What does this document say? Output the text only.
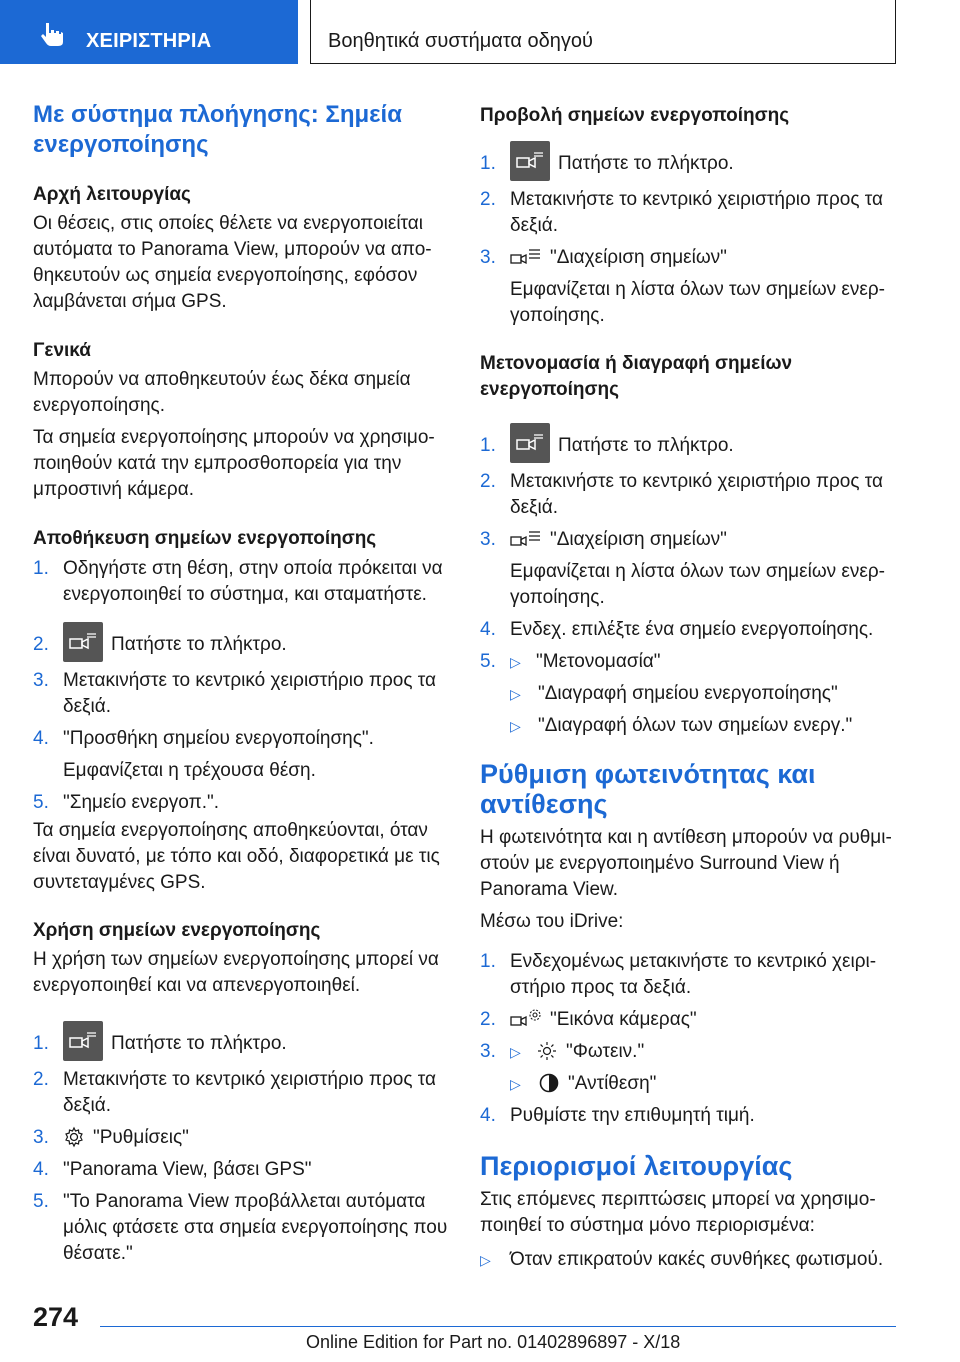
ΧΕΙΡΙΣΤΗΡΙΑ	Βοηθητικά συστήματα οδηγού
Με σύστημα πλοήγησης: Σημεία ενεργοποίησης
Αρχή λειτουργίας
Οι θέσεις, στις οποίες θέλετε να ενεργοποιείται αυτόματα το Panorama View, μπορούν να απο-θηκευτούν ως σημεία ενεργοποίησης, εφόσον λαμβάνεται σήμα GPS.
Γενικά
Μπορούν να αποθηκευτούν έως δέκα σημεία ενεργοποίησης.
Τα σημεία ενεργοποίησης μπορούν να χρησιμο-ποιηθούν κατά την εμπροσθοπορεία για την μπροστινή κάμερα.
Αποθήκευση σημείων ενεργοποίησης
1. Οδηγήστε στη θέση, στην οποία πρόκειται να ενεργοποιηθεί το σύστημα, και σταματήστε.
2.	Πατήστε το πλήκτρο.
3. Μετακινήστε το κεντρικό χειριστήριο προς τα δεξιά.
4. "Προσθήκη σημείου ενεργοποίησης".
Εμφανίζεται η τρέχουσα θέση.
5. "Σημείο ενεργοπ.".
Τα σημεία ενεργοποίησης αποθηκεύονται, όταν είναι δυνατό, με τόπο και οδό, διαφορετικά με τις συντεταγμένες GPS.
Χρήση σημείων ενεργοποίησης
Η χρήση των σημείων ενεργοποίησης μπορεί να ενεργοποιηθεί και να απενεργοποιηθεί.
1.	Πατήστε το πλήκτρο.
2. Μετακινήστε το κεντρικό χειριστήριο προς τα δεξιά.
3. "Ρυθμίσεις"
4. "Panorama View, βάσει GPS"
5. "Το Panorama View προβάλλεται αυτόματα μόλις φτάσετε στα σημεία ενεργοποίησης που θέσατε."
Προβολή σημείων ενεργοποίησης
1.	Πατήστε το πλήκτρο.
2. Μετακινήστε το κεντρικό χειριστήριο προς τα δεξιά.
3.	"Διαχείριση σημείων"
Εμφανίζεται η λίστα όλων των σημείων ενερ-γοποίησης.
Μετονομασία ή διαγραφή σημείων ενεργοποίησης
1.	Πατήστε το πλήκτρο.
2. Μετακινήστε το κεντρικό χειριστήριο προς τα δεξιά.
3.	"Διαχείριση σημείων"
Εμφανίζεται η λίστα όλων των σημείων ενερ-γοποίησης.
4. Ενδεχ. επιλέξτε ένα σημείο ενεργοποίησης.
5. ▷ "Μετονομασία"
▷ "Διαγραφή σημείου ενεργοποίησης"
▷ "Διαγραφή όλων των σημείων ενεργ."
Ρύθμιση φωτεινότητας και αντίθεσης
Η φωτεινότητα και η αντίθεση μπορούν να ρυθμι-στούν με ενεργοποιημένο Surround View ή Panorama View.
Μέσω του iDrive:
1. Ενδεχομένως μετακινήστε το κεντρικό χειρι-στήριο προς τα δεξιά.
2.	"Εικόνα κάμερας"
3. ▷ "Φωτειν."
▷ "Αντίθεση"
4. Ρυθμίστε την επιθυμητή τιμή.
Περιορισμοί λειτουργίας
Στις επόμενες περιπτώσεις μπορεί να χρησιμο-ποιηθεί το σύστημα μόνο περιορισμένα:
▷	Όταν επικρατούν κακές συνθήκες φωτισμού.
274
Online Edition for Part no. 01402896897 - X/18
